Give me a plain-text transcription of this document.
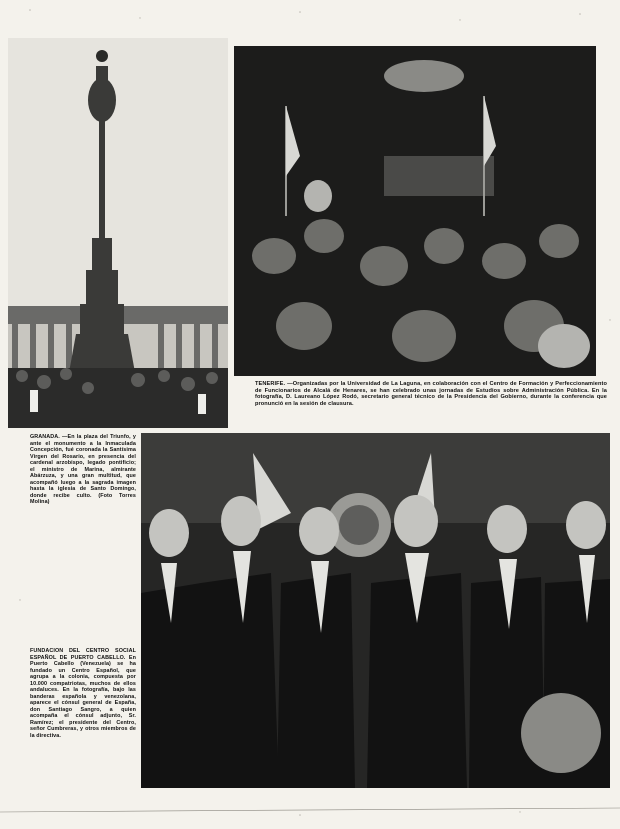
TENERIFE. —Organizadas por la Universidad de La Laguna, en colaboración con el Centro de Formación y Perfeccionamiento de Funcionarios de Alcalá de Henares, se han celebrado unas jornadas de Estudios sobre Administración Pública. En la fotografía, D. Laureano López Rodó, secretario general técnico de la Presidencia del Gobierno, durante la conferencia que pronunció en la sesión de clausura.
GRANADA. —En la plaza del Triunfo, y ante el monumento a la Inmaculada Concepción, fué coronada la Santísima Virgen del Rosario, en presencia del cardenal arzobispo, legado pontificio; el ministro de Marina, almirante Abárzuza, y una gran multitud, que acompañó luego a la sagrada imagen hasta la iglesia de Santo Domingo, donde recibe culto. (Foto Torres Molina)
FUNDACION DEL CENTRO SOCIAL ESPAÑOL DE PUERTO CABELLO. En Puerto Cabello (Venezuela) se ha fundado un Centro Español, que agrupa a la colonia, compuesta por 10.000 compatriotas, muchos de ellos andaluces. En la fotografía, bajo las banderas española y venezolana, aparece el cónsul general de España, don Santiago Sangro, a quien acompaña el cónsul adjunto, Sr. Ramírez; el presidente del Centro, señor Cumbreras, y otros miembros de la directiva.
